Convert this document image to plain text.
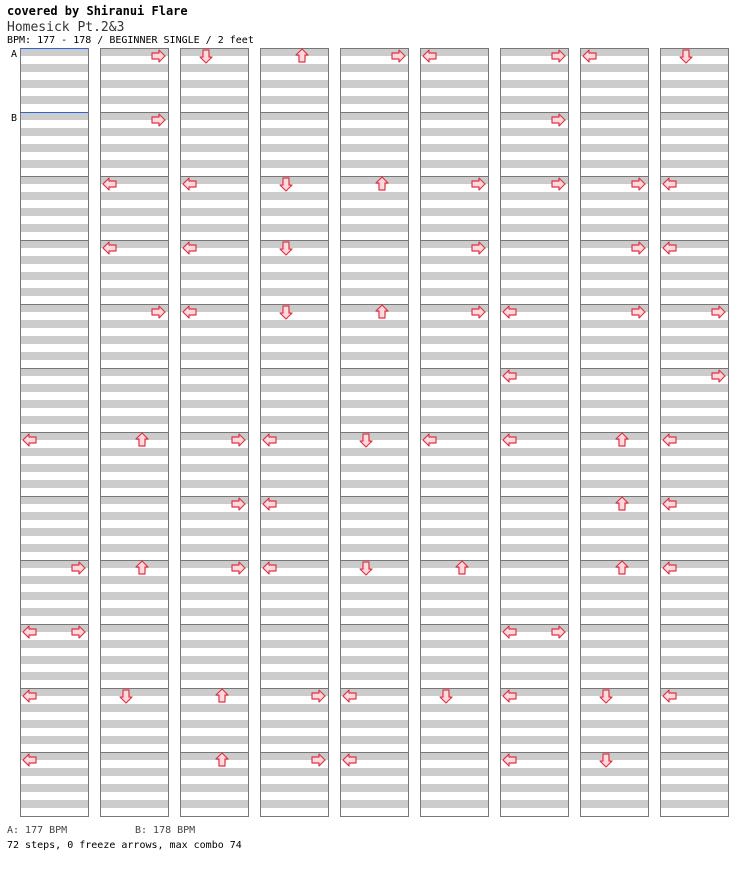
covered by Shiranui Flare
Homesick Pt.2&3
BPM: 177 - 178 / BEGINNER SINGLE / 2 feet
A
B
A: 177 BPM	B: 178 BPM
72 steps, 0 freeze arrows, max combo 74
